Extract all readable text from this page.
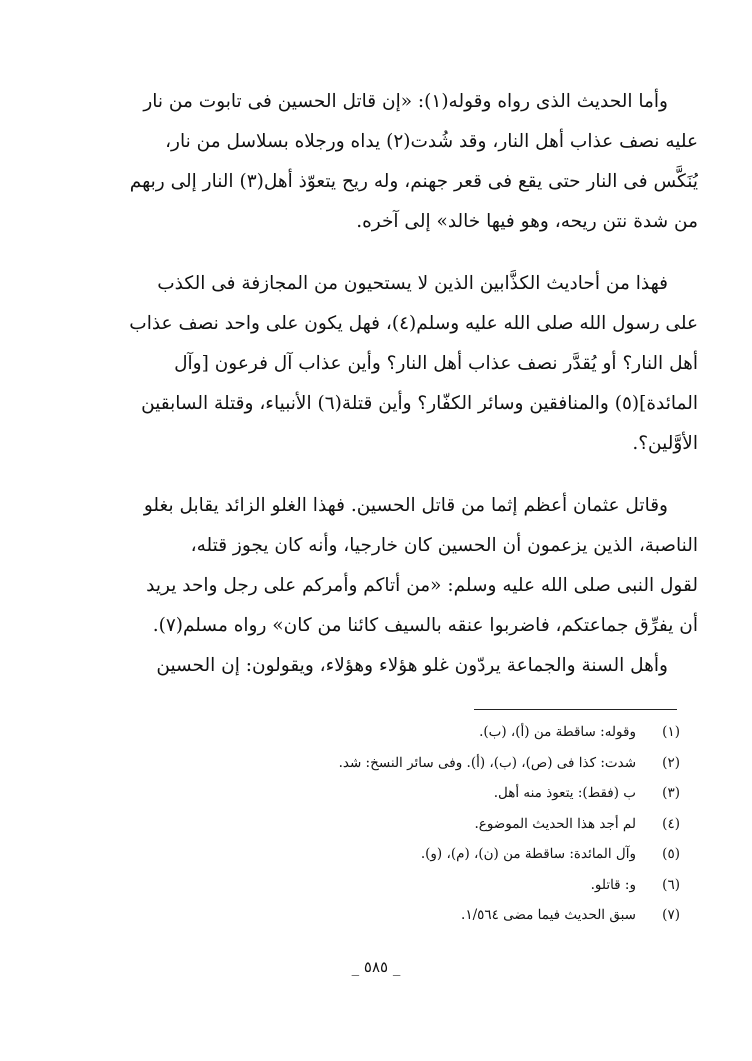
وأما الحديث الذى رواه وقوله(١): «إن قاتل الحسين فى تابوت من نار
عليه نصف عذاب أهل النار، وقد شُدت(٢) يداه ورجلاه بسلاسل من نار،
يُنَكَّس فى النار حتى يقع فى قعر جهنم، وله ريح يتعوّذ أهل(٣) النار إلى ربهم
من شدة نتن ريحه، وهو فيها خالد» إلى آخره.
فهذا من أحاديث الكذَّابين الذين لا يستحيون من المجازفة فى الكذب
على رسول الله صلى الله عليه وسلم(٤)، فهل يكون على واحد نصف عذاب
أهل النار؟ أو يُقدَّر نصف عذاب أهل النار؟ وأين عذاب آل فرعون [وآل
المائدة](٥) والمنافقين وسائر الكفّار؟ وأين قتلة(٦) الأنبياء، وقتلة السابقين
الأوَّلين؟.
وقاتل عثمان أعظم إثما من قاتل الحسين. فهذا الغلو الزائد يقابل بغلو
الناصبة، الذين يزعمون أن الحسين كان خارجيا، وأنه كان يجوز قتله،
لقول النبى صلى الله عليه وسلم: «من أتاكم وأمركم على رجل واحد يريد
أن يفرِّق جماعتكم، فاضربوا عنقه بالسيف كائنا من كان» رواه مسلم(٧).
وأهل السنة والجماعة يردّون غلو هؤلاء وهؤلاء، ويقولون: إن الحسين
(١)
وقوله: ساقطة من (أ)، (ب).
(٢)
شدت: كذا فى (ص)، (ب)، (أ). وفى سائر النسخ: شد.
(٣)
ب (فقط): يتعوذ منه أهل.
(٤)
لم أجد هذا الحديث الموضوع.
(٥)
وآل المائدة: ساقطة من (ن)، (م)، (و).
(٦)
و: قاتلو.
(٧)
سبق الحديث فيما مضى ١/٥٦٤.
_ ٥٨٥ _
